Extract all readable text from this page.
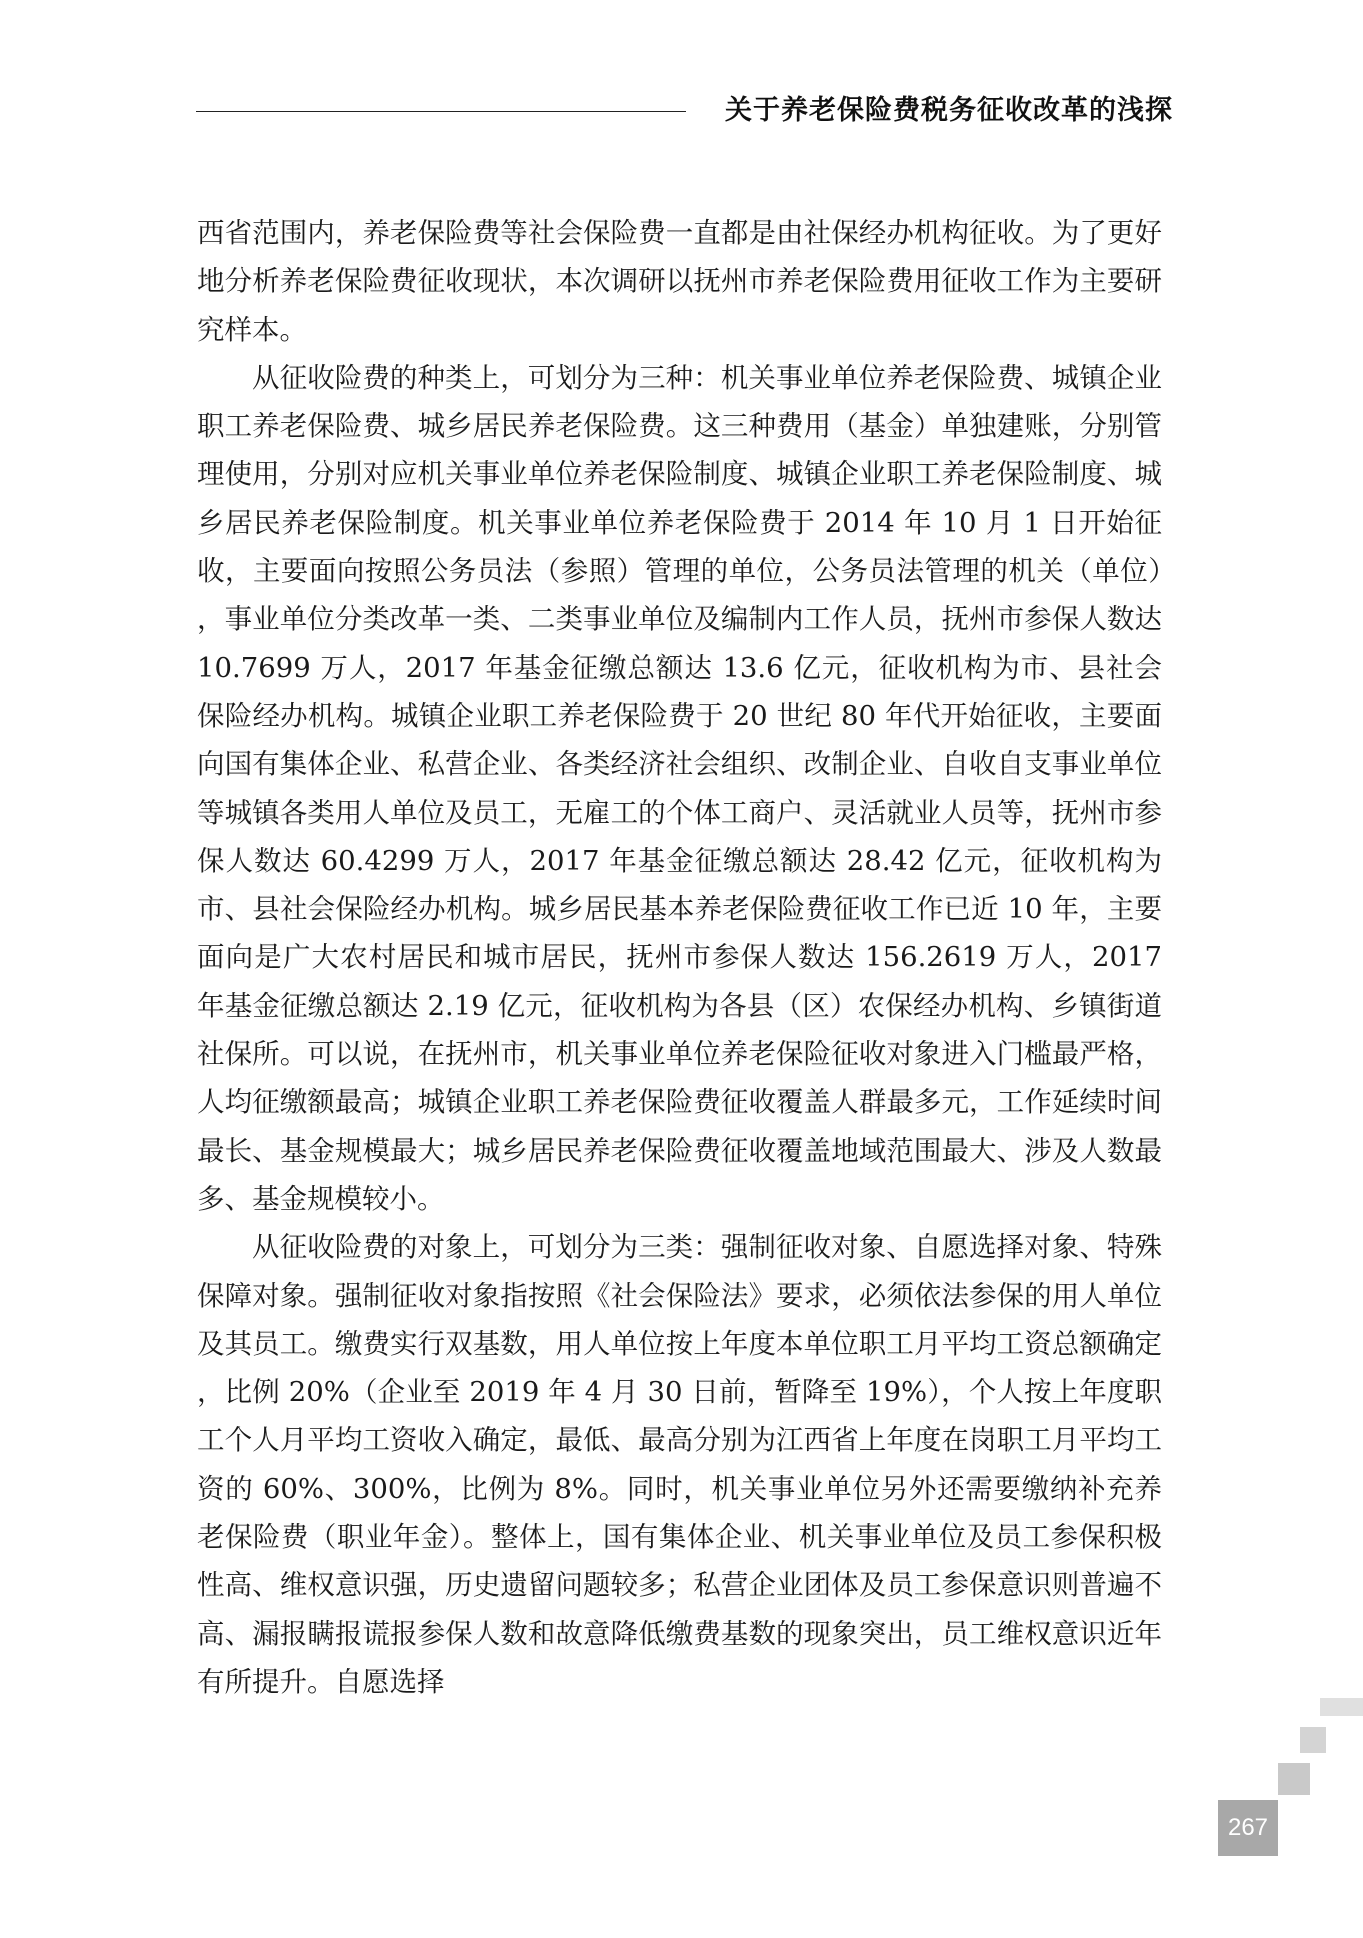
关于养老保险费税务征收改革的浅探

西省范围内，养老保险费等社会保险费一直都是由社保经办机构征收。为了更好地分析养老保险费征收现状，本次调研以抚州市养老保险费用征收工作为主要研究样本。

从征收险费的种类上，可划分为三种：机关事业单位养老保险费、城镇企业职工养老保险费、城乡居民养老保险费。这三种费用（基金）单独建账，分别管理使用，分别对应机关事业单位养老保险制度、城镇企业职工养老保险制度、城乡居民养老保险制度。机关事业单位养老保险费于 2014 年 10 月 1 日开始征收，主要面向按照公务员法（参照）管理的单位，公务员法管理的机关（单位），事业单位分类改革一类、二类事业单位及编制内工作人员，抚州市参保人数达 10.7699 万人，2017 年基金征缴总额达 13.6 亿元，征收机构为市、县社会保险经办机构。城镇企业职工养老保险费于 20 世纪 80 年代开始征收，主要面向国有集体企业、私营企业、各类经济社会组织、改制企业、自收自支事业单位等城镇各类用人单位及员工，无雇工的个体工商户、灵活就业人员等，抚州市参保人数达 60.4299 万人，2017 年基金征缴总额达 28.42 亿元，征收机构为市、县社会保险经办机构。城乡居民基本养老保险费征收工作已近 10 年，主要面向是广大农村居民和城市居民，抚州市参保人数达 156.2619 万人，2017 年基金征缴总额达 2.19 亿元，征收机构为各县（区）农保经办机构、乡镇街道社保所。可以说，在抚州市，机关事业单位养老保险征收对象进入门槛最严格，人均征缴额最高；城镇企业职工养老保险费征收覆盖人群最多元，工作延续时间最长、基金规模最大；城乡居民养老保险费征收覆盖地域范围最大、涉及人数最多、基金规模较小。

从征收险费的对象上，可划分为三类：强制征收对象、自愿选择对象、特殊保障对象。强制征收对象指按照《社会保险法》要求，必须依法参保的用人单位及其员工。缴费实行双基数，用人单位按上年度本单位职工月平均工资总额确定，比例 20%（企业至 2019 年 4 月 30 日前，暂降至 19%），个人按上年度职工个人月平均工资收入确定，最低、最高分别为江西省上年度在岗职工月平均工资的 60%、300%，比例为 8%。同时，机关事业单位另外还需要缴纳补充养老保险费（职业年金）。整体上，国有集体企业、机关事业单位及员工参保积极性高、维权意识强，历史遗留问题较多；私营企业团体及员工参保意识则普遍不高、漏报瞒报谎报参保人数和故意降低缴费基数的现象突出，员工维权意识近年有所提升。自愿选择

267
